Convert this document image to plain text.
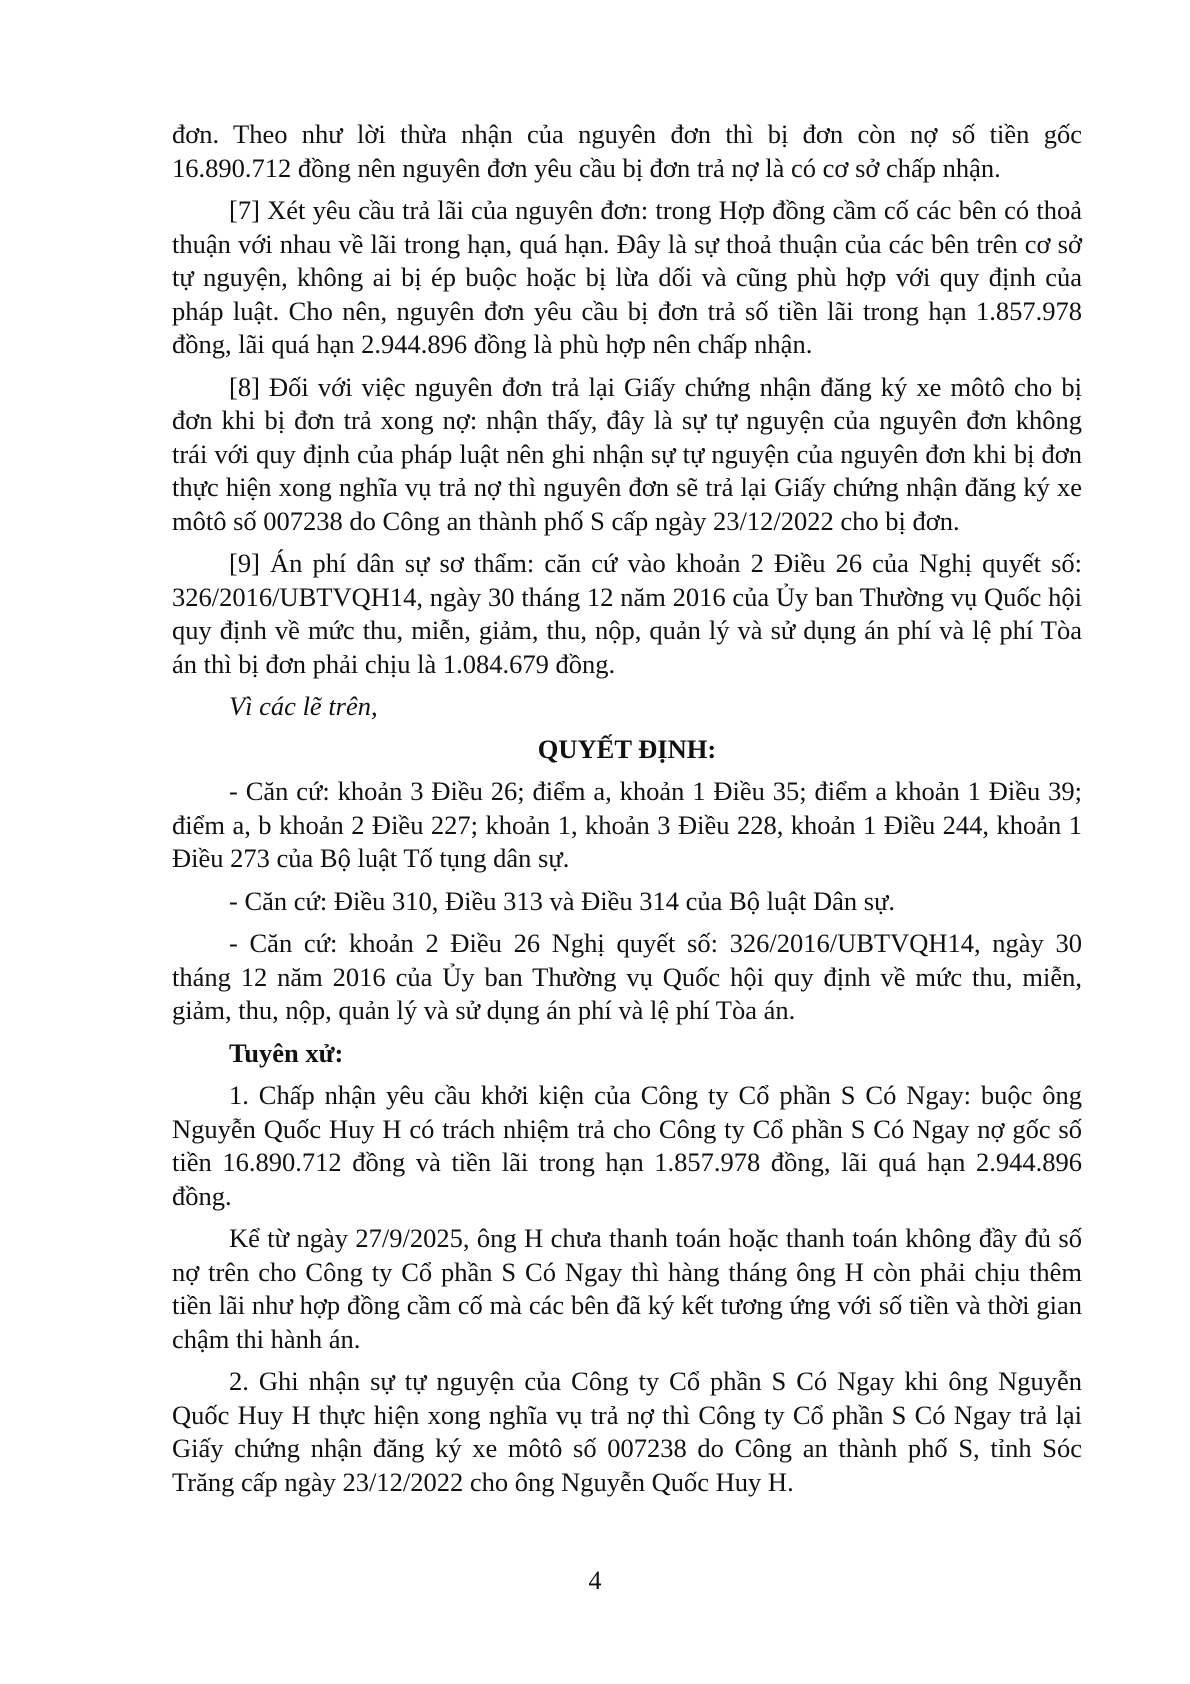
đơn. Theo như lời thừa nhận của nguyên đơn thì bị đơn còn nợ số tiền gốc 16.890.712 đồng nên nguyên đơn yêu cầu bị đơn trả nợ là có cơ sở chấp nhận.

[7] Xét yêu cầu trả lãi của nguyên đơn: trong Hợp đồng cầm cố các bên có thoả thuận với nhau về lãi trong hạn, quá hạn. Đây là sự thoả thuận của các bên trên cơ sở tự nguyện, không ai bị ép buộc hoặc bị lừa dối và cũng phù hợp với quy định của pháp luật. Cho nên, nguyên đơn yêu cầu bị đơn trả số tiền lãi trong hạn 1.857.978 đồng, lãi quá hạn 2.944.896 đồng là phù hợp nên chấp nhận.

[8] Đối với việc nguyên đơn trả lại Giấy chứng nhận đăng ký xe môtô cho bị đơn khi bị đơn trả xong nợ: nhận thấy, đây là sự tự nguyện của nguyên đơn không trái với quy định của pháp luật nên ghi nhận sự tự nguyện của nguyên đơn khi bị đơn thực hiện xong nghĩa vụ trả nợ thì nguyên đơn sẽ trả lại Giấy chứng nhận đăng ký xe môtô số 007238 do Công an thành phố S cấp ngày 23/12/2022 cho bị đơn.

[9] Án phí dân sự sơ thẩm: căn cứ vào khoản 2 Điều 26 của Nghị quyết số: 326/2016/UBTVQH14, ngày 30 tháng 12 năm 2016 của Ủy ban Thường vụ Quốc hội quy định về mức thu, miễn, giảm, thu, nộp, quản lý và sử dụng án phí và lệ phí Tòa án thì bị đơn phải chịu là 1.084.679 đồng.

Vì các lẽ trên,

QUYẾT ĐỊNH:

- Căn cứ: khoản 3 Điều 26; điểm a, khoản 1 Điều 35; điểm a khoản 1 Điều 39; điểm a, b khoản 2 Điều 227; khoản 1, khoản 3 Điều 228, khoản 1 Điều 244, khoản 1 Điều 273 của Bộ luật Tố tụng dân sự.

- Căn cứ: Điều 310, Điều 313 và Điều 314 của Bộ luật Dân sự.

- Căn cứ: khoản 2 Điều 26 Nghị quyết số: 326/2016/UBTVQH14, ngày 30 tháng 12 năm 2016 của Ủy ban Thường vụ Quốc hội quy định về mức thu, miễn, giảm, thu, nộp, quản lý và sử dụng án phí và lệ phí Tòa án.

Tuyên xử:

1. Chấp nhận yêu cầu khởi kiện của Công ty Cổ phần S Có Ngay: buộc ông Nguyễn Quốc Huy H có trách nhiệm trả cho Công ty Cổ phần S Có Ngay nợ gốc số tiền 16.890.712 đồng và tiền lãi trong hạn 1.857.978 đồng, lãi quá hạn 2.944.896 đồng.

Kể từ ngày 27/9/2025, ông H chưa thanh toán hoặc thanh toán không đầy đủ số nợ trên cho Công ty Cổ phần S Có Ngay thì hàng tháng ông H còn phải chịu thêm tiền lãi như hợp đồng cầm cố mà các bên đã ký kết tương ứng với số tiền và thời gian chậm thi hành án.

2. Ghi nhận sự tự nguyện của Công ty Cổ phần S Có Ngay khi ông Nguyễn Quốc Huy H thực hiện xong nghĩa vụ trả nợ thì Công ty Cổ phần S Có Ngay trả lại Giấy chứng nhận đăng ký xe môtô số 007238 do Công an thành phố S, tỉnh Sóc Trăng cấp ngày 23/12/2022 cho ông Nguyễn Quốc Huy H.

4
